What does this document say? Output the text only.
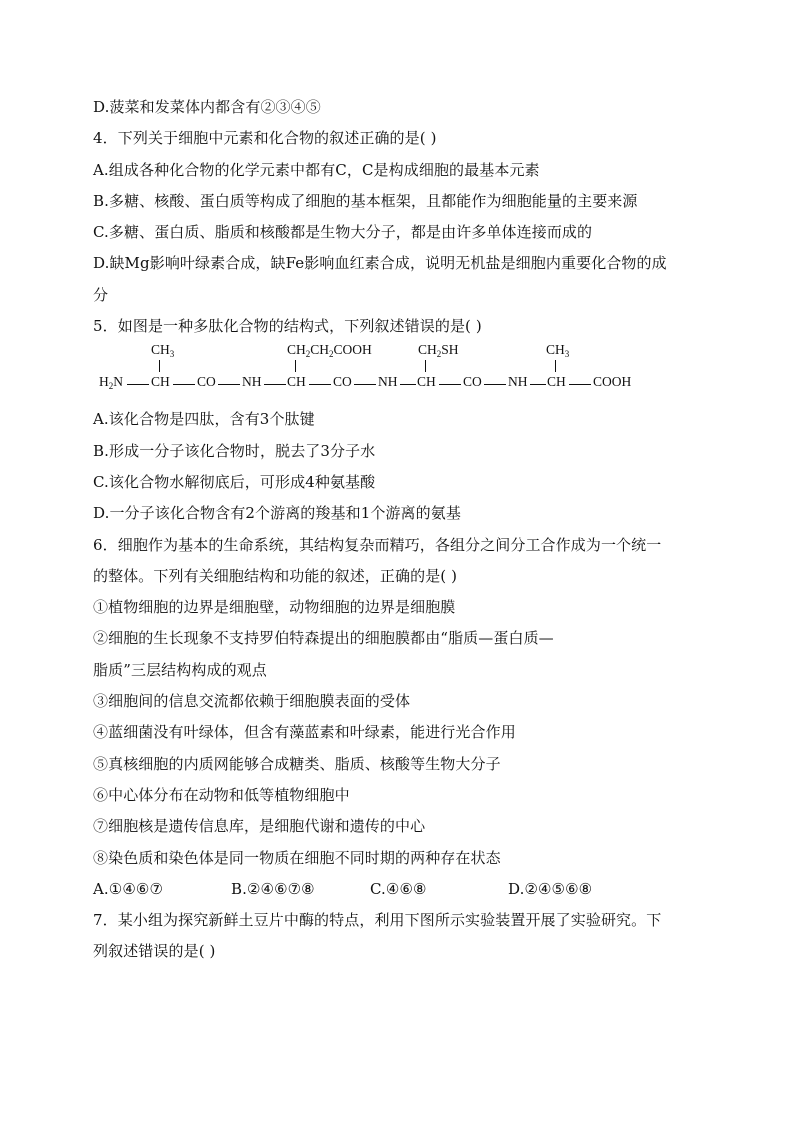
D.菠菜和发菜体内都含有②③④⑤
4．下列关于细胞中元素和化合物的叙述正确的是( )
A.组成各种化合物的化学元素中都有C，C是构成细胞的最基本元素
B.多糖、核酸、蛋白质等构成了细胞的基本框架，且都能作为细胞能量的主要来源
C.多糖、蛋白质、脂质和核酸都是生物大分子，都是由许多单体连接而成的
D.缺Mg影响叶绿素合成，缺Fe影响血红素合成，说明无机盐是细胞内重要化合物的成
分
5．如图是一种多肽化合物的结构式，下列叙述错误的是( )
$CH_3$	$CH_2CH_2COOH$	$CH_2SH$	$CH_3$
$H_2N$ CH CO NH CH CO NH CH CO NH CH COOH
A.该化合物是四肽，含有3个肽键
B.形成一分子该化合物时，脱去了3分子水
C.该化合物水解彻底后，可形成4种氨基酸
D.一分子该化合物含有2个游离的羧基和1个游离的氨基
6．细胞作为基本的生命系统，其结构复杂而精巧，各组分之间分工合作成为一个统一
的整体。下列有关细胞结构和功能的叙述，正确的是( )
①植物细胞的边界是细胞壁，动物细胞的边界是细胞膜
②细胞的生长现象不支持罗伯特森提出的细胞膜都由“脂质—蛋白质—
脂质”三层结构构成的观点
③细胞间的信息交流都依赖于细胞膜表面的受体
④蓝细菌没有叶绿体，但含有藻蓝素和叶绿素，能进行光合作用
⑤真核细胞的内质网能够合成糖类、脂质、核酸等生物大分子
⑥中心体分布在动物和低等植物细胞中
⑦细胞核是遗传信息库，是细胞代谢和遗传的中心
⑧染色质和染色体是同一物质在细胞不同时期的两种存在状态
A.①④⑥⑦	B.②④⑥⑦⑧	C.④⑥⑧	D.②④⑤⑥⑧
7．某小组为探究新鲜土豆片中酶的特点，利用下图所示实验装置开展了实验研究。下
列叙述错误的是( )
